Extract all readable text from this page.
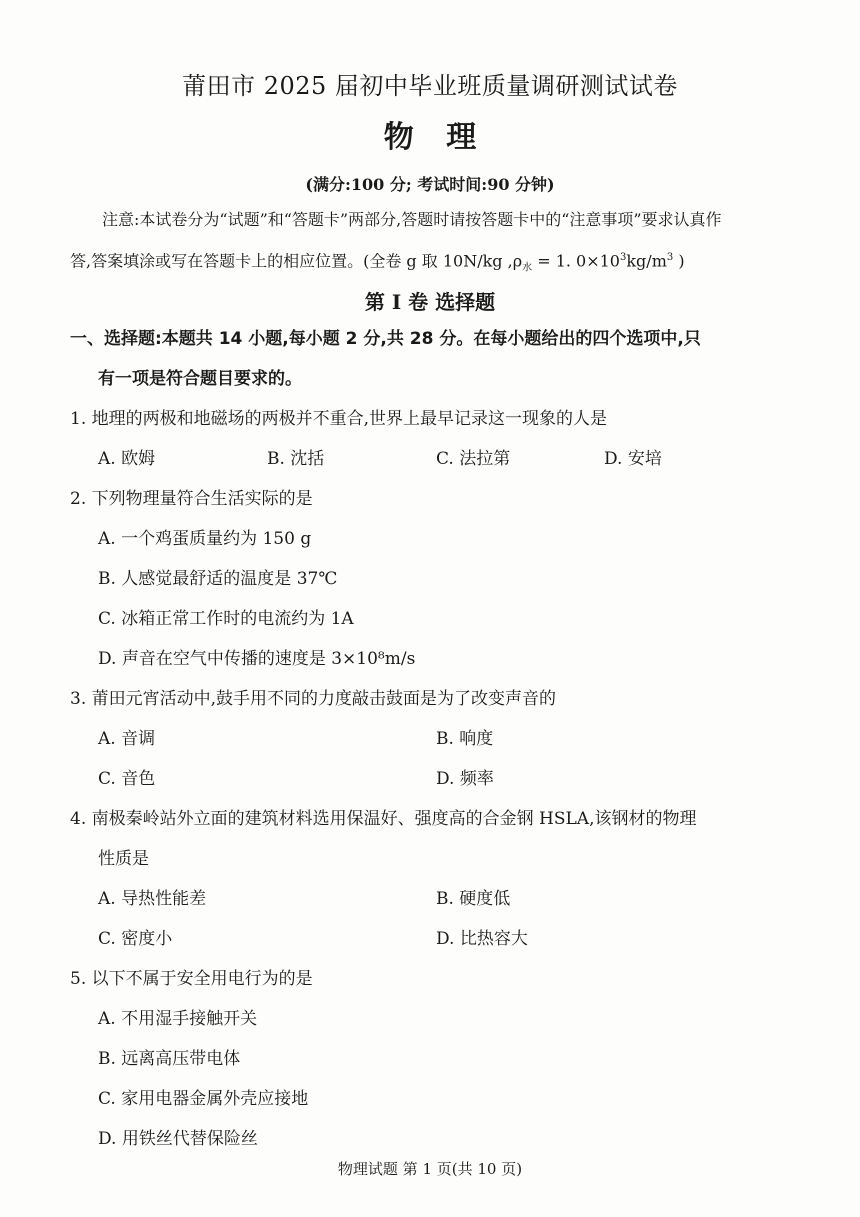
莆田市 2025 届初中毕业班质量调研测试试卷
物 理
(满分:100 分; 考试时间:90 分钟)
注意:本试卷分为“试题”和“答题卡”两部分,答题时请按答题卡中的“注意事项”要求认真作
答,答案填涂或写在答题卡上的相应位置。(全卷 g 取 10N/kg $,\rho_水 = 1$. $0\times 10^3kg/m^3$ )
第 I 卷 选择题
一、选择题:本题共 14 小题,每小题 2 分,共 28 分。在每小题给出的四个选项中,只
有一项是符合题目要求的。
1. 地理的两极和地磁场的两极并不重合,世界上最早记录这一现象的人是
A. 欧姆	B. 沈括	C. 法拉第	D. 安培
2. 下列物理量符合生活实际的是
A. 一个鸡蛋质量约为 150 g
B. 人感觉最舒适的温度是 37℃
C. 冰箱正常工作时的电流约为 1A
D. 声音在空气中传播的速度是 3×10⁸m/s
3. 莆田元宵活动中,鼓手用不同的力度敲击鼓面是为了改变声音的
A. 音调	B. 响度
C. 音色	D. 频率
4. 南极秦岭站外立面的建筑材料选用保温好、强度高的合金钢 HSLA,该钢材的物理
性质是
A. 导热性能差	B. 硬度低
C. 密度小	D. 比热容大
5. 以下不属于安全用电行为的是
A. 不用湿手接触开关
B. 远离高压带电体
C. 家用电器金属外壳应接地
D. 用铁丝代替保险丝
物理试题 第 1 页(共 10 页)
